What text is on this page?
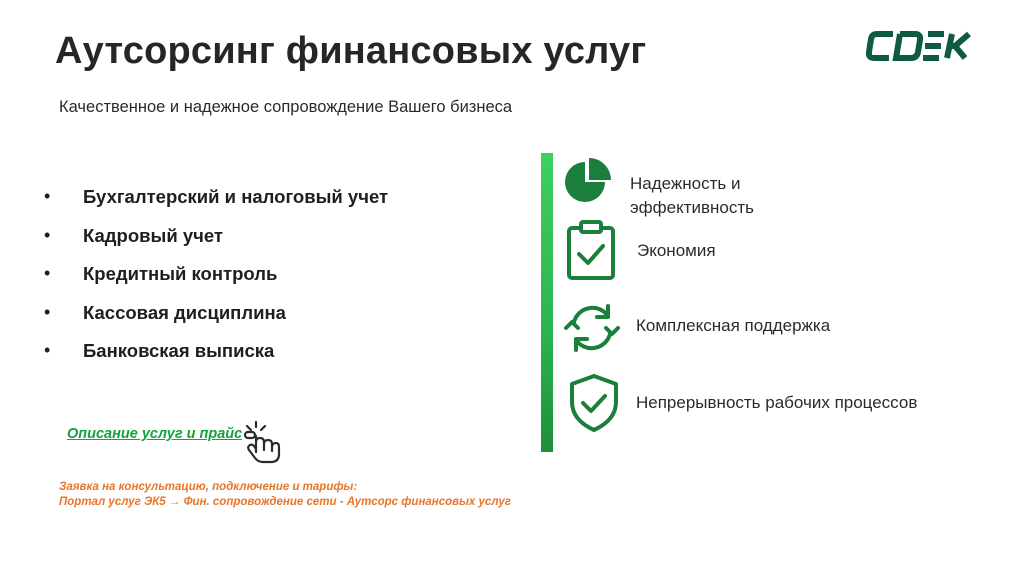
Аутсорсинг финансовых услуг
Качественное и надежное сопровождение Вашего бизнеса
• Бухгалтерский и налоговый учет
• Кадровый учет
• Кредитный контроль
• Кассовая дисциплина
• Банковская выписка
Описание услуг и прайс
Заявка на консультацию, подключение и тарифы:
Портал услуг ЭК5 → Фин. сопровождение сети - Аутсорс финансовых услуг
Надежность и
эффективность
Экономия
Комплексная поддержка
Непрерывность рабочих процессов
